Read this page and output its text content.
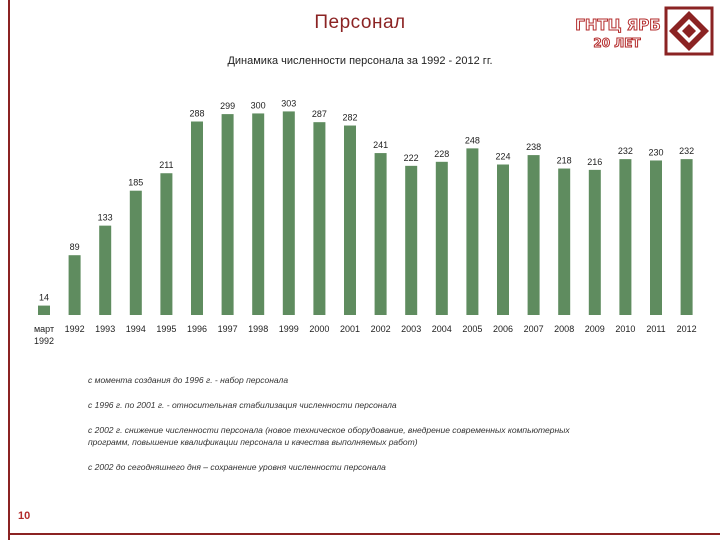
Персонал	ГНТЦ ЯРБ
20 ЛЕТ
Динамика численности персонала за 1992 - 2012 гг.
14
март
1992
89
1992
133
1993
185
1994
211
1995
288
1996
299
1997
300
1998
303
1999
287
2000
282
2001
241
2002
222
2003
228
2004
248
2005
224
2006
238
2007
218
2008
216
2009
232
2010
230
2011
232
2012
с момента создания до 1996 г. - набор персонала
с 1996 г. по 2001 г. - относительная стабилизация численности персонала
с 2002 г. снижение численности персонала (новое техническое оборудование, внедрение современных компьютерных программ, повышение квалификации персонала и качества выполняемых работ)
с 2002 до сегодняшнего дня – сохранение уровня численности персонала
10
